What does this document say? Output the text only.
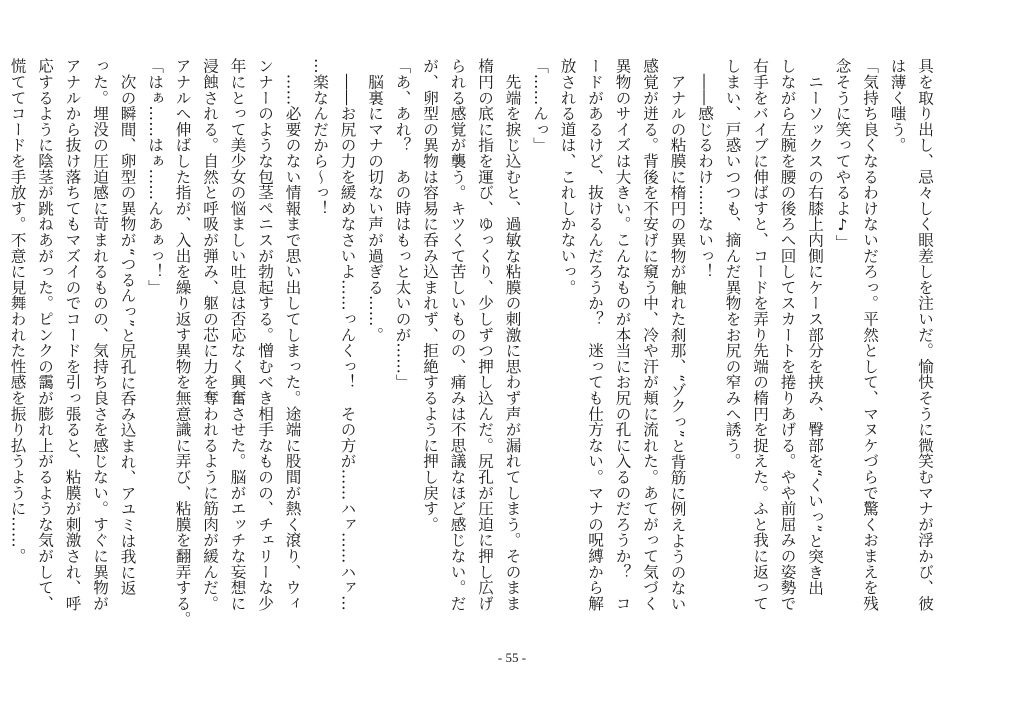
具を取り出し、忌々しく眼差しを注いだ。愉快そうに微笑むマナが浮かび、彼

は薄く嗤う。

「気持ち良くなるわけないだろっ。平然として、マヌケづらで驚くおまえを残

念そうに笑ってやるよ♪」

　ニーソックスの右膝上内側にケース部分を挟み、臀部を“くいっ”と突き出

しながら左腕を腰の後ろへ回してスカートを捲りあげる。やや前屈みの姿勢で

右手をバイブに伸ばすと、コードを弄り先端の楕円を捉えた。ふと我に返って

しまい、戸惑いつつも、摘んだ異物をお尻の窄みへ誘う。

　――感じるわけ……ないっ！

　アナルの粘膜に楕円の異物が触れた刹那、“ゾクっ”と背筋に例えようのない

感覚が迸る。背後を不安げに窺う中、冷や汗が頬に流れた。あてがって気づく

異物のサイズは大きい。こんなものが本当にお尻の孔に入るのだろうか？　コ

ードがあるけど、抜けるんだろうか？　迷っても仕方ない。マナの呪縛から解

放される道は、これしかないっ。

「……んっ」

　先端を捩じ込むと、過敏な粘膜の刺激に思わず声が漏れてしまう。そのまま

楕円の底に指を運び、ゆっくり、少しずつ押し込んだ。尻孔が圧迫に押し広げ

られる感覚が襲う。キツくて苦しいものの、痛みは不思議なほど感じない。だ

が、卵型の異物は容易に呑み込まれず、拒絶するように押し戻す。

「あ、あれ？　あの時はもっと太いのが……」

　脳裏にマナの切ない声が過ぎる……。

　――お尻の力を緩めなさいよ……っんくっ！　その方が……ハァ……ハァ…

…楽なんだから～っ！

　……必要のない情報まで思い出してしまった。途端に股間が熱く滾り、ウィ

ンナーのような包茎ペニスが勃起する。憎むべき相手なものの、チェリーな少

年にとって美少女の悩ましい吐息は否応なく興奮させた。脳がエッチな妄想に

浸蝕される。自然と呼吸が弾み、躯の芯に力を奪われるように筋肉が緩んだ。

アナルへ伸ばした指が、入出を繰り返す異物を無意識に弄び、粘膜を翻弄する。

「はぁ……はぁ……んあぁっ！」

　次の瞬間、卵型の異物が“つるんっ”と尻孔に呑み込まれ、アユミは我に返

った。埋没の圧迫感に苛まれるものの、気持ち良さを感じない。すぐに異物が

アナルから抜け落ちてもマズイのでコードを引っ張ると、粘膜が刺激され、呼

応するように陰茎が跳ねあがった。ピンクの靄が膨れ上がるような気がして、

慌ててコードを手放す。不意に見舞われた性感を振り払うように……。

- 55 -
